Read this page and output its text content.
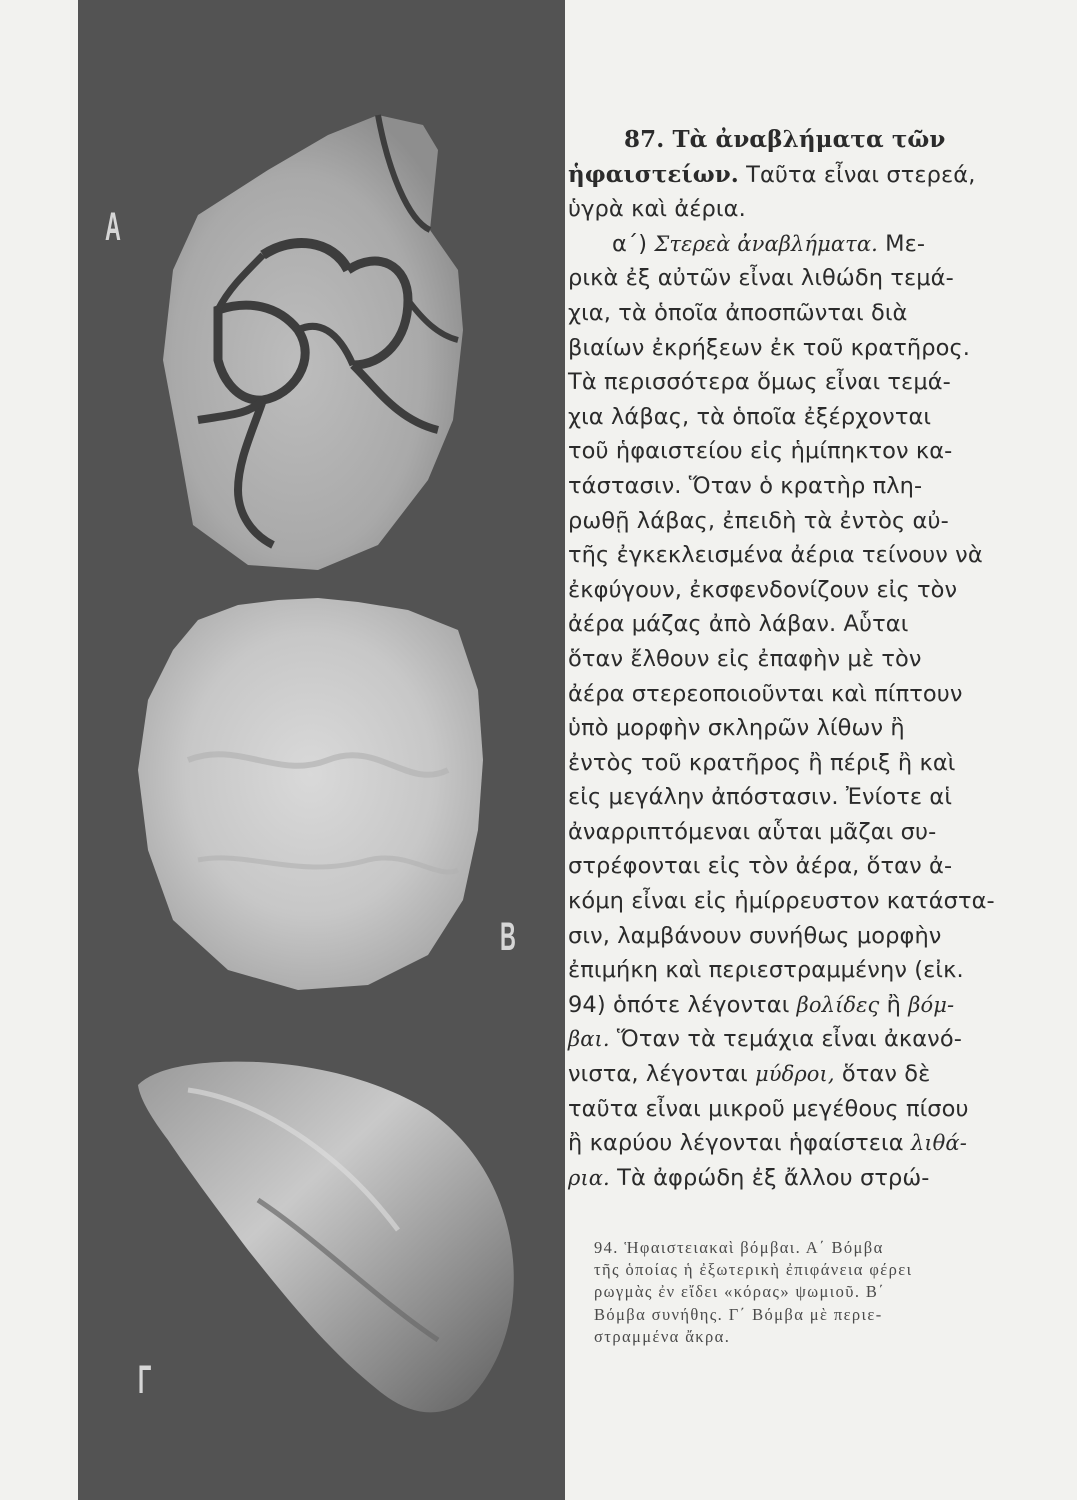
A
B
Γ
87. Τὰ ἀναβλήματα τῶν
ἡφαιστείων. Ταῦτα εἶναι στερεά,
ὑγρὰ καὶ ἀέρια.
α΄) Στερεὰ ἀναβλήματα. Με-
ρικὰ ἐξ αὐτῶν εἶναι λιθώδη τεμά-
χια, τὰ ὁποῖα ἀποσπῶνται διὰ
βιαίων ἐκρήξεων ἐκ τοῦ κρατῆρος.
Τὰ περισσότερα ὅμως εἶναι τεμά-
χια λάβας, τὰ ὁποῖα ἐξέρχονται
τοῦ ἡφαιστείου εἰς ἡμίπηκτον κα-
τάστασιν. Ὅταν ὁ κρατὴρ πλη-
ρωθῇ λάβας, ἐπειδὴ τὰ ἐντὸς αὐ-
τῆς ἐγκεκλεισμένα ἀέρια τείνουν νὰ
ἐκφύγουν, ἐκσφενδονίζουν εἰς τὸν
ἀέρα μάζας ἀπὸ λάβαν. Αὗται
ὅταν ἔλθουν εἰς ἐπαφὴν μὲ τὸν
ἀέρα στερεοποιοῦνται καὶ πίπτουν
ὑπὸ μορφὴν σκληρῶν λίθων ἢ
ἐντὸς τοῦ κρατῆρος ἢ πέριξ ἢ καὶ
εἰς μεγάλην ἀπόστασιν. Ἐνίοτε αἱ
ἀναρριπτόμεναι αὗται μᾶζαι συ-
στρέφονται εἰς τὸν ἀέρα, ὅταν ἀ-
κόμη εἶναι εἰς ἡμίρρευστον κατάστα-
σιν, λαμβάνουν συνήθως μορφὴν
ἐπιμήκη καὶ περιεστραμμένην (εἰκ.
94) ὁπότε λέγονται βολίδες ἢ βόμ-
βαι. Ὅταν τὰ τεμάχια εἶναι ἀκανό-
νιστα, λέγονται μύδροι, ὅταν δὲ
ταῦτα εἶναι μικροῦ μεγέθους πίσου
ἢ καρύου λέγονται ἡφαίστεια λιθά-
ρια. Τὰ ἀφρώδη ἐξ ἄλλου στρώ-
94. Ἡφαιστειακαὶ βόμβαι. Α΄ Βόμβα
τῆς ὁποίας ἡ ἐξωτερικὴ ἐπιφάνεια φέρει
ρωγμὰς ἐν εἴδει «κόρας» ψωμιοῦ. Β΄
Βόμβα συνήθης. Γ΄ Βόμβα μὲ περιε-
στραμμένα ἄκρα.
